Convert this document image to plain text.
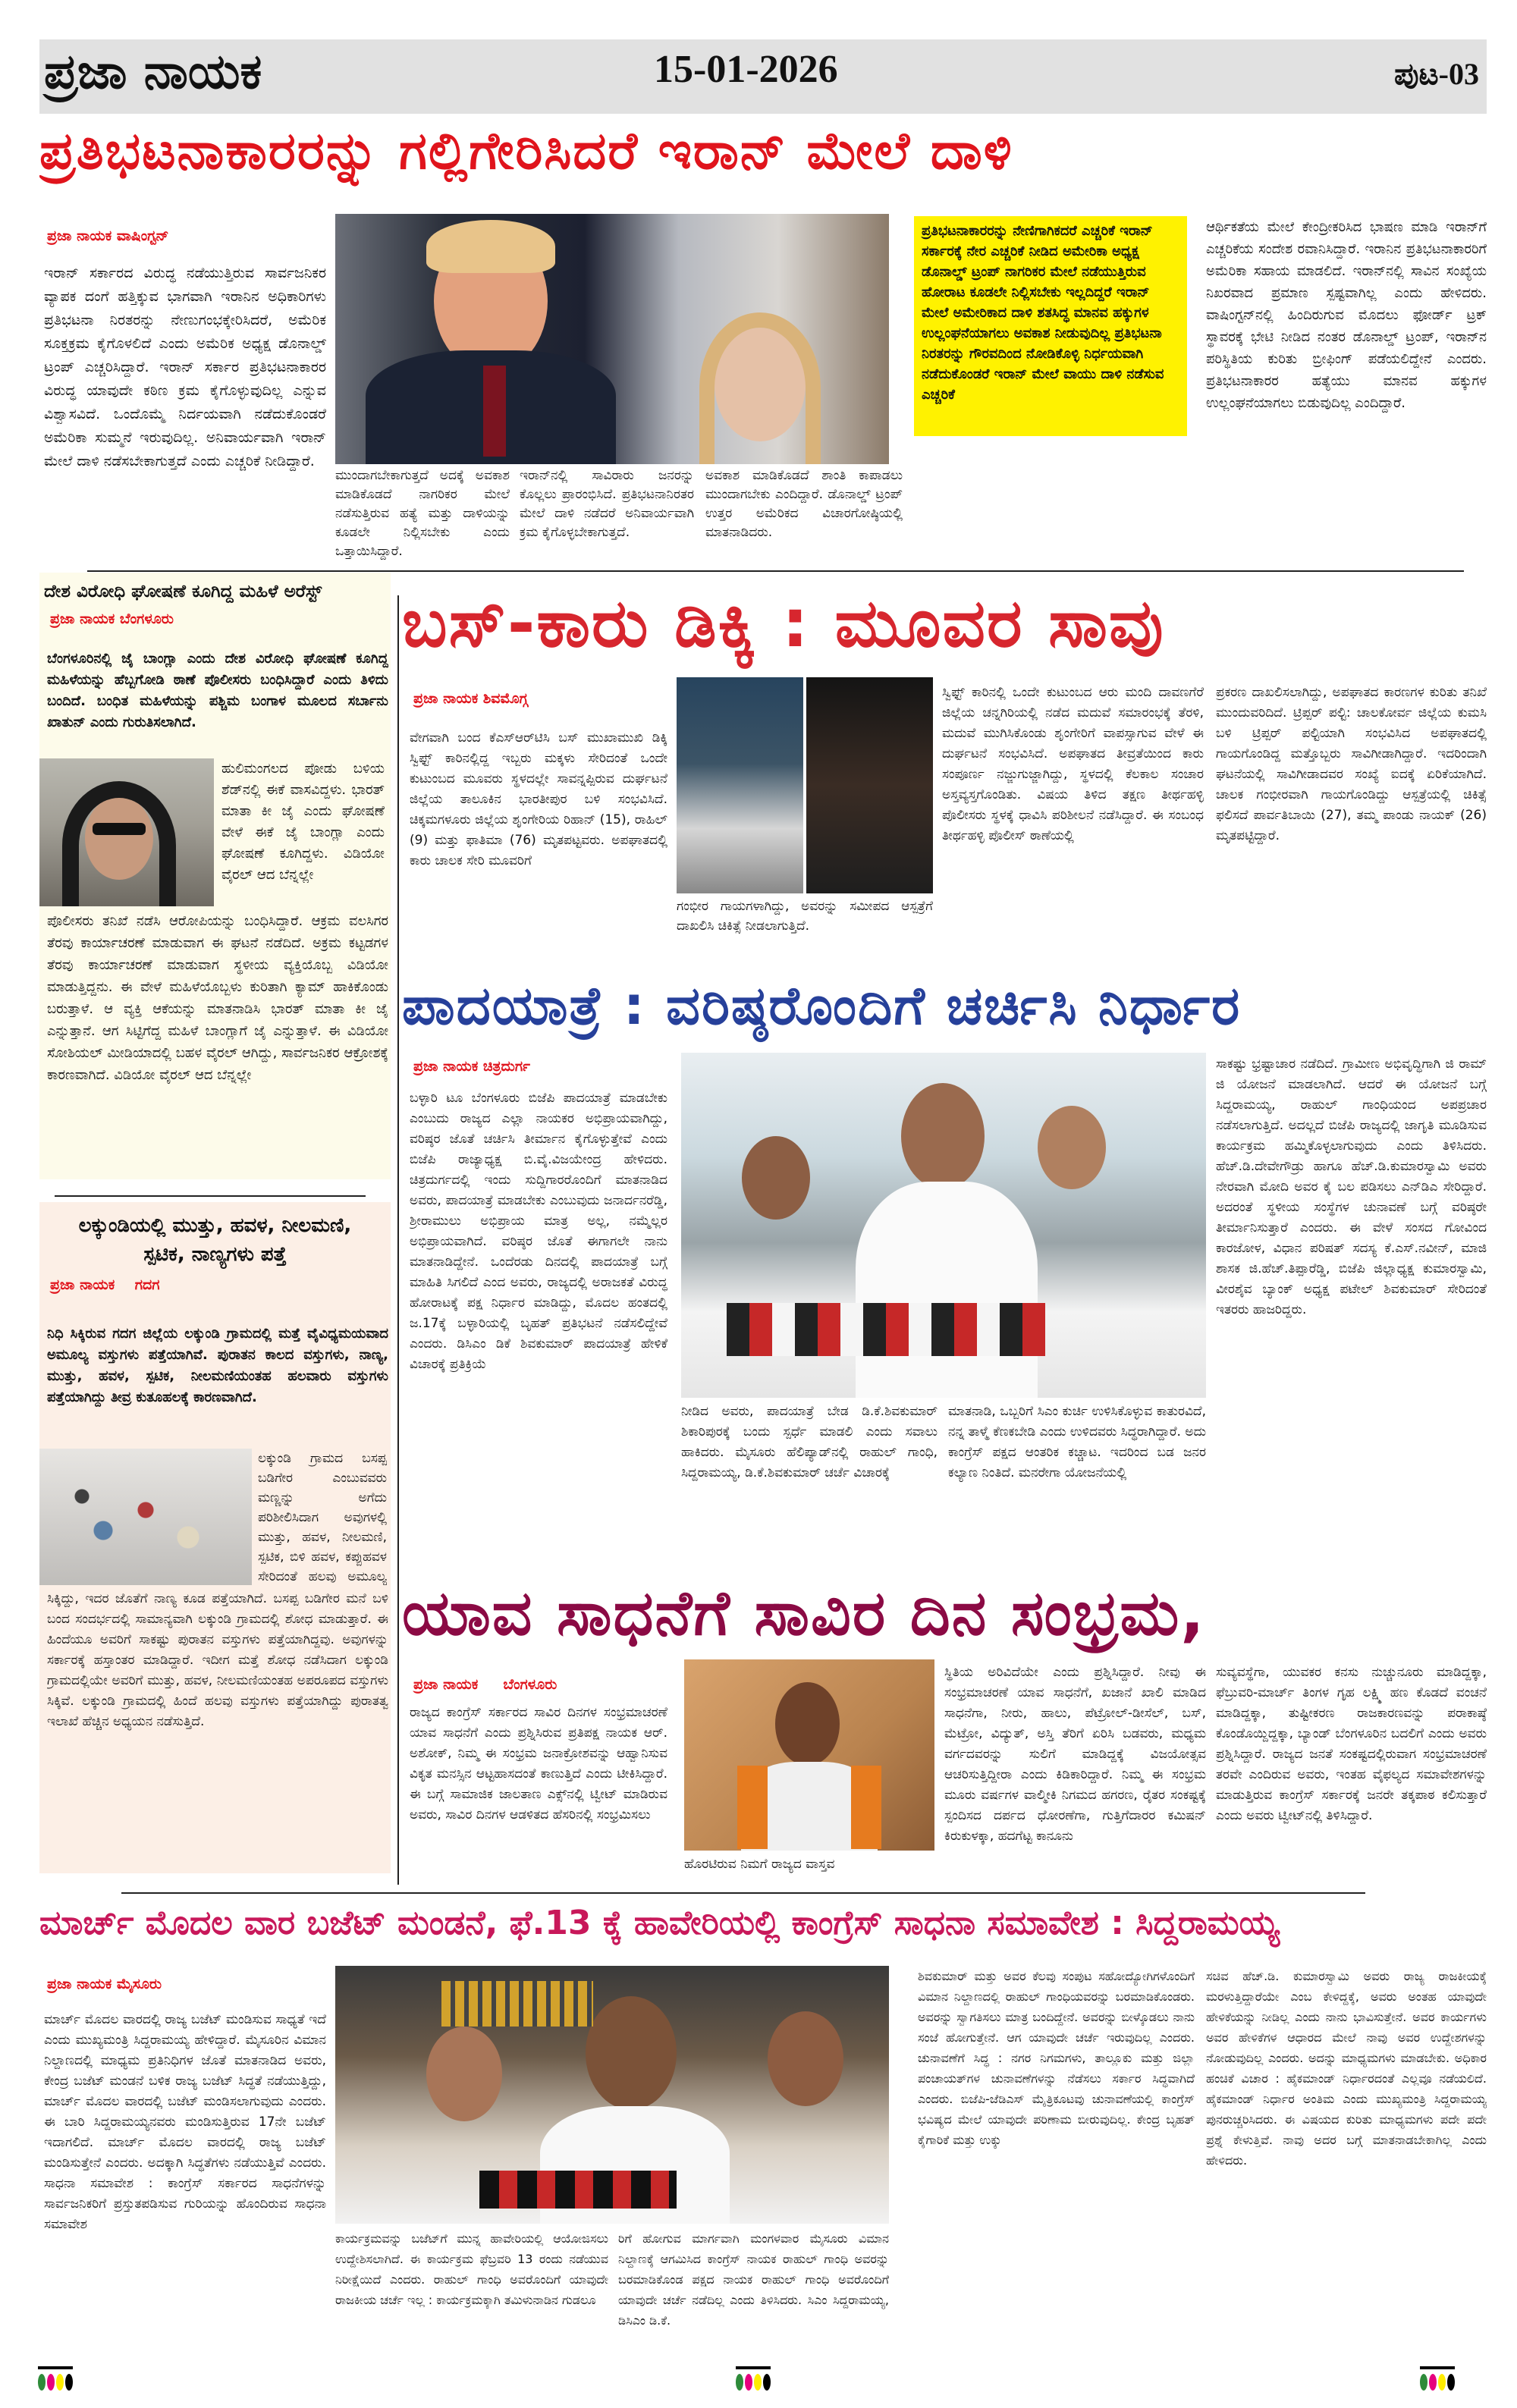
ಪ್ರಜಾ ನಾಯಕ	15-01-2026	ಪುಟ-03
ಪ್ರತಿಭಟನಾಕಾರರನ್ನು ಗಲ್ಲಿಗೇರಿಸಿದರೆ ಇರಾನ್ ಮೇಲೆ ದಾಳಿ
ಪ್ರಜಾ ನಾಯಕ ವಾಷಿಂಗ್ಟನ್
ಇರಾನ್ ಸರ್ಕಾರದ ವಿರುದ್ಧ ನಡೆಯುತ್ತಿರುವ ಸಾರ್ವಜನಿಕರ ವ್ಯಾಪಕ ದಂಗೆ ಹತ್ತಿಕ್ಕುವ ಭಾಗವಾಗಿ ಇರಾನಿನ ಅಧಿಕಾರಿಗಳು ಪ್ರತಿಭಟನಾ ನಿರತರನ್ನು ನೇಣುಗಂಭಕ್ಕೇರಿಸಿದರೆ, ಅಮೆರಿಕ ಸೂಕ್ತಕ್ರಮ ಕೈಗೊಳಲಿದೆ ಎಂದು ಅಮೆರಿಕ ಅಧ್ಯಕ್ಷ ಡೊನಾಲ್ಡ್ ಟ್ರಂಪ್ ಎಚ್ಚರಿಸಿದ್ದಾರೆ. ಇರಾನ್ ಸರ್ಕಾರ ಪ್ರತಿಭಟನಾಕಾರರ ವಿರುದ್ಧ ಯಾವುದೇ ಕಠಿಣ ಕ್ರಮ ಕೈಗೊಳ್ಳುವುದಿಲ್ಲ ಎನ್ನುವ ವಿಶ್ವಾಸವಿದೆ. ಒಂದೊಮ್ಮೆ ನಿರ್ದಯವಾಗಿ ನಡೆದುಕೊಂಡರೆ ಅಮೆರಿಕಾ ಸುಮ್ಮನೆ ಇರುವುದಿಲ್ಲ. ಅನಿವಾರ್ಯವಾಗಿ ಇರಾನ್ ಮೇಲೆ ದಾಳಿ ನಡೆಸಬೇಕಾಗುತ್ತದೆ ಎಂದು ಎಚ್ಚರಿಕೆ ನೀಡಿದ್ದಾರೆ.
ಮುಂದಾಗಬೇಕಾಗುತ್ತದೆ ಅದಕ್ಕೆ ಅವಕಾಶ ಮಾಡಿಕೊಡದೆ ನಾಗರಿಕರ ಮೇಲೆ ನಡೆಸುತ್ತಿರುವ ಹತ್ಯೆ ಮತ್ತು ದಾಳಿಯನ್ನು ಕೂಡಲೇ ನಿಲ್ಲಿಸಬೇಕು ಎಂದು ಒತ್ತಾಯಿಸಿದ್ದಾರೆ.
ಇರಾನ್‌ನಲ್ಲಿ ಸಾವಿರಾರು ಜನರನ್ನು ಕೊಲ್ಲಲು ಪ್ರಾರಂಭಿಸಿದೆ. ಪ್ರತಿಭಟನಾನಿರತರ ಮೇಲೆ ದಾಳಿ ನಡೆದರೆ ಅನಿವಾರ್ಯವಾಗಿ ಕ್ರಮ ಕೈಗೊಳ್ಳಬೇಕಾಗುತ್ತದೆ.
ಅವಕಾಶ ಮಾಡಿಕೊಡದೆ ಶಾಂತಿ ಕಾಪಾಡಲು ಮುಂದಾಗಬೇಕು ಎಂದಿದ್ದಾರೆ. ಡೊನಾಲ್ಡ್ ಟ್ರಂಪ್ ಉತ್ತರ ಅಮೆರಿಕದ ವಿಚಾರಗೋಷ್ಠಿಯಲ್ಲಿ ಮಾತನಾಡಿದರು.
ಪ್ರತಿಭಟನಾಕಾರರನ್ನು ನೇಣಿಗಾಗಿಕದರೆ ಎಚ್ಚರಿಕೆ ಇರಾನ್ ಸರ್ಕಾರಕ್ಕೆ ನೇರ ಎಚ್ಚರಿಕೆ ನೀಡಿದ ಅಮೇರಿಕಾ ಅಧ್ಯಕ್ಷ ಡೊನಾಲ್ಡ್ ಟ್ರಂಪ್ ನಾಗರಿಕರ ಮೇಲೆ ನಡೆಯುತ್ತಿರುವ ಹೋರಾಟ ಕೂಡಲೇ ನಿಲ್ಲಿಸಬೇಕು ಇಲ್ಲದಿದ್ದರೆ ಇರಾನ್ ಮೇಲೆ ಅಮೇರಿಕಾದ ದಾಳಿ ಶತಸಿದ್ಧ ಮಾನವ ಹಕ್ಕುಗಳ ಉಲ್ಲಂಘನೆಯಾಗಲು ಅವಕಾಶ ನೀಡುವುದಿಲ್ಲ ಪ್ರತಿಭಟನಾ ನಿರತರನ್ನು ಗೌರವದಿಂದ ನೋಡಿಕೊಳ್ಳಿ ನಿರ್ಧಯವಾಗಿ ನಡೆದುಕೊಂಡರೆ ಇರಾನ್ ಮೇಲೆ ವಾಯು ದಾಳಿ ನಡೆಸುವ ಎಚ್ಚರಿಕೆ
ಆರ್ಥಿಕತೆಯ ಮೇಲೆ ಕೇಂದ್ರೀಕರಿಸಿದ ಭಾಷಣ ಮಾಡಿ ಇರಾನ್‌ಗೆ ಎಚ್ಚರಿಕೆಯ ಸಂದೇಶ ರವಾನಿಸಿದ್ದಾರೆ. ಇರಾನಿನ ಪ್ರತಿಭಟನಾಕಾರರಿಗೆ ಅಮೆರಿಕಾ ಸಹಾಯ ಮಾಡಲಿದೆ. ಇರಾನ್‌ನಲ್ಲಿ ಸಾವಿನ ಸಂಖ್ಯೆಯ ನಿಖರವಾದ ಪ್ರಮಾಣ ಸ್ಪಷ್ಟವಾಗಿಲ್ಲ ಎಂದು ಹೇಳಿದರು. ವಾಷಿಂಗ್ಟನ್‌ನಲ್ಲಿ ಹಿಂದಿರುಗುವ ಮೊದಲು ಫೋರ್ಡ್ ಟ್ರಕ್ ಸ್ಥಾವರಕ್ಕೆ ಭೇಟಿ ನೀಡಿದ ನಂತರ ಡೊನಾಲ್ಡ್ ಟ್ರಂಪ್, ಇರಾನ್‌ನ ಪರಿಸ್ಥಿತಿಯ ಕುರಿತು ಬ್ರೀಫಿಂಗ್ ಪಡೆಯಲಿದ್ದೇನೆ ಎಂದರು. ಪ್ರತಿಭಟನಾಕಾರರ ಹತ್ಯೆಯು ಮಾನವ ಹಕ್ಕುಗಳ ಉಲ್ಲಂಘನೆಯಾಗಲು ಬಿಡುವುದಿಲ್ಲ ಎಂದಿದ್ದಾರೆ.
ದೇಶ ವಿರೋಧಿ ಘೋಷಣೆ ಕೂಗಿದ್ದ ಮಹಿಳೆ ಅರೆಸ್ಟ್
ಪ್ರಜಾ ನಾಯಕ ಬೆಂಗಳೂರು
ಬೆಂಗಳೂರಿನಲ್ಲಿ ಜೈ ಬಾಂಗ್ಲಾ ಎಂದು ದೇಶ ವಿರೋಧಿ ಘೋಷಣೆ ಕೂಗಿದ್ದ ಮಹಿಳೆಯನ್ನು ಹೆಬ್ಬಗೋಡಿ ಠಾಣೆ ಪೊಲೀಸರು ಬಂಧಿಸಿದ್ದಾರೆ ಎಂದು ತಿಳಿದು ಬಂದಿದೆ. ಬಂಧಿತ ಮಹಿಳೆಯನ್ನು ಪಶ್ಚಿಮ ಬಂಗಾಳ ಮೂಲದ ಸರ್ಬಾನು ಖಾತುನ್ ಎಂದು ಗುರುತಿಸಲಾಗಿದೆ.
ಹುಲಿಮಂಗಲದ ಪೋಡು ಬಳಿಯ ಶೆಡ್‌ನಲ್ಲಿ ಈಕೆ ವಾಸವಿದ್ದಳು. ಭಾರತ್ ಮಾತಾ ಕೀ ಜೈ ಎಂದು ಘೋಷಣೆ ವೇಳೆ ಈಕೆ ಜೈ ಬಾಂಗ್ಲಾ ಎಂದು ಘೋಷಣೆ ಕೂಗಿದ್ದಳು. ವಿಡಿಯೋ ವೈರಲ್ ಆದ ಬೆನ್ನಲ್ಲೇ
ಪೊಲೀಸರು ತನಿಖೆ ನಡೆಸಿ ಆರೋಪಿಯನ್ನು ಬಂಧಿಸಿದ್ದಾರೆ. ಆಕ್ರಮ ವಲಸಿಗರ ತೆರವು ಕಾರ್ಯಾಚರಣೆ ಮಾಡುವಾಗ ಈ ಘಟನೆ ನಡೆದಿದೆ. ಅಕ್ರಮ ಕಟ್ಟಡಗಳ ತೆರವು ಕಾರ್ಯಾಚರಣೆ ಮಾಡುವಾಗ ಸ್ಥಳೀಯ ವ್ಯಕ್ತಿಯೊಬ್ಬ ವಿಡಿಯೋ ಮಾಡುತ್ತಿದ್ದನು. ಈ ವೇಳೆ ಮಹಿಳೆಯೊಬ್ಬಳು ಕುರಿತಾಗಿ ಕ್ಯಾಮ್ ಹಾಕಿಕೊಂಡು ಬರುತ್ತಾಳೆ. ಆ ವ್ಯಕ್ತಿ ಆಕೆಯನ್ನು ಮಾತನಾಡಿಸಿ ಭಾರತ್ ಮಾತಾ ಕೀ ಜೈ ಎನ್ನುತ್ತಾನೆ. ಆಗ ಸಿಟ್ಟಿಗೆದ್ದ ಮಹಿಳೆ ಬಾಂಗ್ಲಾಗೆ ಜೈ ಎನ್ನುತ್ತಾಳೆ. ಈ ವಿಡಿಯೋ ಸೋಶಿಯಲ್ ಮೀಡಿಯಾದಲ್ಲಿ ಬಹಳ ವೈರಲ್ ಆಗಿದ್ದು, ಸಾರ್ವಜನಿಕರ ಆಕ್ರೋಶಕ್ಕೆ ಕಾರಣವಾಗಿದೆ. ವಿಡಿಯೋ ವೈರಲ್ ಆದ ಬೆನ್ನಲ್ಲೇ
ಲಕ್ಕುಂಡಿಯಲ್ಲಿ ಮುತ್ತು, ಹವಳ, ನೀಲಮಣಿ, ಸ್ಪಟಿಕ, ನಾಣ್ಯಗಳು ಪತ್ತೆ
ಪ್ರಜಾ ನಾಯಕ    ಗದಗ
ನಿಧಿ ಸಿಕ್ಕಿರುವ ಗದಗ ಜಿಲ್ಲೆಯ ಲಕ್ಕುಂಡಿ ಗ್ರಾಮದಲ್ಲಿ ಮತ್ತೆ ವೈವಿಧ್ಯಮಯವಾದ ಅಮೂಲ್ಯ ವಸ್ತುಗಳು ಪತ್ತೆಯಾಗಿವೆ. ಪುರಾತನ ಕಾಲದ ವಸ್ತುಗಳು, ನಾಣ್ಯ, ಮುತ್ತು, ಹವಳ, ಸ್ಪಟಿಕ, ನೀಲಮಣಿಯಂತಹ ಹಲವಾರು ವಸ್ತುಗಳು ಪತ್ತೆಯಾಗಿದ್ದು ತೀವ್ರ ಕುತೂಹಲಕ್ಕೆ ಕಾರಣವಾಗಿದೆ.
ಲಕ್ಕುಂಡಿ ಗ್ರಾಮದ ಬಸಪ್ಪ ಬಡಿಗೇರ ಎಂಬುವವರು ಮಣ್ಣನ್ನು ಅಗೆದು ಪರಿಶೀಲಿಸಿದಾಗ ಅವುಗಳಲ್ಲಿ ಮುತ್ತು, ಹವಳ, ನೀಲಮಣಿ, ಸ್ಪಟಿಕ, ಬಿಳಿ ಹವಳ, ಕಪ್ಪುಹವಳ ಸೇರಿದಂತೆ ಹಲವು ಅಮೂಲ್ಯ
ಸಿಕ್ಕಿದ್ದು, ಇದರ ಜೊತೆಗೆ ನಾಣ್ಯ ಕೂಡ ಪತ್ತೆಯಾಗಿದೆ. ಬಸಪ್ಪ ಬಡಿಗೇರ ಮನೆ ಬಳಿ ಬಂದ ಸಂದರ್ಭದಲ್ಲಿ ಸಾಮಾನ್ಯವಾಗಿ ಲಕ್ಕುಂಡಿ ಗ್ರಾಮದಲ್ಲಿ ಶೋಧ ಮಾಡುತ್ತಾರೆ. ಈ ಹಿಂದೆಯೂ ಅವರಿಗೆ ಸಾಕಷ್ಟು ಪುರಾತನ ವಸ್ತುಗಳು ಪತ್ತೆಯಾಗಿದ್ದವು. ಅವುಗಳನ್ನು ಸರ್ಕಾರಕ್ಕೆ ಹಸ್ತಾಂತರ ಮಾಡಿದ್ದಾರೆ. ಇದೀಗ ಮತ್ತೆ ಶೋಧ ನಡೆಸಿದಾಗ ಲಕ್ಕುಂಡಿ ಗ್ರಾಮದಲ್ಲಿಯೇ ಅವರಿಗೆ ಮುತ್ತು, ಹವಳ, ನೀಲಮಣಿಯಂತಹ ಅಪರೂಪದ ವಸ್ತುಗಳು ಸಿಕ್ಕಿವೆ. ಲಕ್ಕುಂಡಿ ಗ್ರಾಮದಲ್ಲಿ ಹಿಂದೆ ಹಲವು ವಸ್ತುಗಳು ಪತ್ತೆಯಾಗಿದ್ದು ಪುರಾತತ್ವ ಇಲಾಖೆ ಹೆಚ್ಚಿನ ಅಧ್ಯಯನ ನಡೆಸುತ್ತಿದೆ.
ಬಸ್-ಕಾರು ಡಿಕ್ಕಿ : ಮೂವರ ಸಾವು
ಪ್ರಜಾ ನಾಯಕ ಶಿವಮೊಗ್ಗ
ವೇಗವಾಗಿ ಬಂದ ಕೆಎಸ್ಆರ್‌ಟಿಸಿ ಬಸ್ ಮುಖಾಮುಖಿ ಡಿಕ್ಕಿ ಸ್ವಿಫ್ಟ್ ಕಾರಿನಲ್ಲಿದ್ದ ಇಬ್ಬರು ಮಕ್ಕಳು ಸೇರಿದಂತೆ ಒಂದೇ ಕುಟುಂಬದ ಮೂವರು ಸ್ಥಳದಲ್ಲೇ ಸಾವನ್ನಪ್ಪಿರುವ ದುರ್ಘಟನೆ ಜಿಲ್ಲೆಯ ತಾಲೂಕಿನ ಭಾರತೀಪುರ ಬಳಿ ಸಂಭವಿಸಿದೆ. ಚಿಕ್ಕಮಗಳೂರು ಜಿಲ್ಲೆಯ ಶೃಂಗೇರಿಯ ರಿಹಾನ್ (15), ರಾಹಿಲ್ (9) ಮತ್ತು ಫಾತಿಮಾ (76) ಮೃತಪಟ್ಟವರು. ಅಪಘಾತದಲ್ಲಿ ಕಾರು ಚಾಲಕ ಸೇರಿ ಮೂವರಿಗೆ
ಗಂಭೀರ ಗಾಯಗಳಾಗಿದ್ದು, ಅವರನ್ನು ಸಮೀಪದ ಆಸ್ಪತ್ರೆಗೆ ದಾಖಲಿಸಿ ಚಿಕಿತ್ಸೆ ನೀಡಲಾಗುತ್ತಿದೆ.
ಸ್ವಿಫ್ಟ್ ಕಾರಿನಲ್ಲಿ ಒಂದೇ ಕುಟುಂಬದ ಆರು ಮಂದಿ ದಾವಣಗೆರೆ ಜಿಲ್ಲೆಯ ಚನ್ನಗಿರಿಯಲ್ಲಿ ನಡೆದ ಮದುವೆ ಸಮಾರಂಭಕ್ಕೆ ತೆರಳಿ, ಮದುವೆ ಮುಗಿಸಿಕೊಂಡು ಶೃಂಗೇರಿಗೆ ವಾಪಸ್ಸಾಗುವ ವೇಳೆ ಈ ದುರ್ಘಟನೆ ಸಂಭವಿಸಿದೆ. ಅಪಘಾತದ ತೀವ್ರತೆಯಿಂದ ಕಾರು ಸಂಪೂರ್ಣ ನಜ್ಜುಗುಜ್ಜಾಗಿದ್ದು, ಸ್ಥಳದಲ್ಲಿ ಕೆಲಕಾಲ ಸಂಚಾರ ಅಸ್ತವ್ಯಸ್ತಗೊಂಡಿತು. ವಿಷಯ ತಿಳಿದ ತಕ್ಷಣ ತೀರ್ಥಹಳ್ಳಿ ಪೊಲೀಸರು ಸ್ಥಳಕ್ಕೆ ಧಾವಿಸಿ ಪರಿಶೀಲನೆ ನಡೆಸಿದ್ದಾರೆ. ಈ ಸಂಬಂಧ ತೀರ್ಥಹಳ್ಳಿ ಪೊಲೀಸ್ ಠಾಣೆಯಲ್ಲಿ
ಪ್ರಕರಣ ದಾಖಲಿಸಲಾಗಿದ್ದು, ಅಪಘಾತದ ಕಾರಣಗಳ ಕುರಿತು ತನಿಖೆ ಮುಂದುವರಿದಿದೆ. ಟ್ರಿಪ್ಪರ್ ಪಲ್ಟಿ: ಚಾಲಕೋರ್ವ ಜಿಲ್ಲೆಯ ಕುಮಸಿ ಬಳಿ ಟ್ರಿಪ್ಪರ್ ಪಲ್ಟಿಯಾಗಿ ಸಂಭವಿಸಿದ ಅಪಘಾತದಲ್ಲಿ ಗಾಯಗೊಂಡಿದ್ದ ಮತ್ತೊಬ್ಬರು ಸಾವಿಗೀಡಾಗಿದ್ದಾರೆ. ಇದರಿಂದಾಗಿ ಘಟನೆಯಲ್ಲಿ ಸಾವಿಗೀಡಾದವರ ಸಂಖ್ಯೆ ಐದಕ್ಕೆ ಏರಿಕೆಯಾಗಿದೆ. ಚಾಲಕ ಗಂಭೀರವಾಗಿ ಗಾಯಗೊಂಡಿದ್ದು ಆಸ್ಪತ್ರೆಯಲ್ಲಿ ಚಿಕಿತ್ಸೆ ಫಲಿಸದೆ ಪಾರ್ವತಿಬಾಯಿ (27), ತಮ್ಮ ಪಾಂಡು ನಾಯಕ್ (26) ಮೃತಪಟ್ಟಿದ್ದಾರೆ.
ಪಾದಯಾತ್ರೆ : ವರಿಷ್ಠರೊಂದಿಗೆ ಚರ್ಚಿಸಿ ನಿರ್ಧಾರ
ಪ್ರಜಾ ನಾಯಕ ಚಿತ್ರದುರ್ಗ
ಬಳ್ಳಾರಿ ಟೂ ಬೆಂಗಳೂರು ಬಿಜೆಪಿ ಪಾದಯಾತ್ರೆ ಮಾಡಬೇಕು ಎಂಬುದು ರಾಜ್ಯದ ಎಲ್ಲಾ ನಾಯಕರ ಅಭಿಪ್ರಾಯವಾಗಿದ್ದು, ವರಿಷ್ಠರ ಜೊತೆ ಚರ್ಚಿಸಿ ತೀರ್ಮಾನ ಕೈಗೊಳ್ಳುತ್ತೇವೆ ಎಂದು ಬಿಜೆಪಿ ರಾಜ್ಯಾಧ್ಯಕ್ಷ ಬಿ.ವೈ.ವಿಜಯೇಂದ್ರ ಹೇಳಿದರು. ಚಿತ್ರದುರ್ಗದಲ್ಲಿ ಇಂದು ಸುದ್ದಿಗಾರರೊಂದಿಗೆ ಮಾತನಾಡಿದ ಅವರು, ಪಾದಯಾತ್ರೆ ಮಾಡಬೇಕು ಎಂಬುವುದು ಜನಾರ್ದನರೆಡ್ಡಿ, ಶ್ರೀರಾಮುಲು ಅಭಿಪ್ರಾಯ ಮಾತ್ರ ಅಲ್ಲ, ನಮ್ಮೆಲ್ಲರ ಅಭಿಪ್ರಾಯವಾಗಿದೆ. ವರಿಷ್ಠರ ಜೊತೆ ಈಗಾಗಲೇ ನಾನು ಮಾತನಾಡಿದ್ದೇನೆ. ಒಂದೆರಡು ದಿನದಲ್ಲಿ ಪಾದಯಾತ್ರೆ ಬಗ್ಗೆ ಮಾಹಿತಿ ಸಿಗಲಿದೆ ಎಂದ ಅವರು, ರಾಜ್ಯದಲ್ಲಿ ಅರಾಜಕತೆ ವಿರುದ್ಧ ಹೋರಾಟಕ್ಕೆ ಪಕ್ಷ ನಿರ್ಧಾರ ಮಾಡಿದ್ದು, ಮೊದಲ ಹಂತದಲ್ಲಿ ಜ.17ಕ್ಕೆ ಬಳ್ಳಾರಿಯಲ್ಲಿ ಬೃಹತ್ ಪ್ರತಿಭಟನೆ ನಡೆಸಲಿದ್ದೇವೆ ಎಂದರು. ಡಿಸಿಎಂ ಡಿಕೆ ಶಿವಕುಮಾರ್ ಪಾದಯಾತ್ರೆ ಹೇಳಿಕೆ ವಿಚಾರಕ್ಕೆ ಪ್ರತಿಕ್ರಿಯೆ
ನೀಡಿದ ಅವರು, ಪಾದಯಾತ್ರೆ ಬೇಡ ಡಿ.ಕೆ.ಶಿವಕುಮಾರ್ ಶಿಕಾರಿಪುರಕ್ಕೆ ಬಂದು ಸ್ಪರ್ಧೆ ಮಾಡಲಿ ಎಂದು ಸವಾಲು ಹಾಕಿದರು. ಮೈಸೂರು ಹೆಲಿಪ್ಯಾಡ್‌ನಲ್ಲಿ ರಾಹುಲ್ ಗಾಂಧಿ, ಸಿದ್ದರಾಮಯ್ಯ, ಡಿ.ಕೆ.ಶಿವಕುಮಾರ್ ಚರ್ಚೆ ವಿಚಾರಕ್ಕೆ
ಮಾತನಾಡಿ, ಒಬ್ಬರಿಗೆ ಸಿಎಂ ಕುರ್ಚಿ ಉಳಿಸಿಕೊಳ್ಳುವ ಕಾತುರವಿದೆ, ನನ್ನ ತಾಳ್ಮೆ ಕೆಣಕಬೇಡಿ ಎಂದು ಉಳಿದವರು ಸಿದ್ಧರಾಗಿದ್ದಾರೆ. ಅದು ಕಾಂಗ್ರೆಸ್ ಪಕ್ಷದ ಆಂತರಿಕ ಕಚ್ಚಾಟ. ಇದರಿಂದ ಬಡ ಜನರ ಕಲ್ಯಾಣ ನಿಂತಿದೆ. ಮನರೇಗಾ ಯೋಜನೆಯಲ್ಲಿ
ಸಾಕಷ್ಟು ಭ್ರಷ್ಟಾಚಾರ ನಡೆದಿದೆ. ಗ್ರಾಮೀಣ ಅಭಿವೃದ್ಧಿಗಾಗಿ ಜಿ ರಾಮ್ ಜಿ ಯೋಜನೆ ಮಾಡಲಾಗಿದೆ. ಆದರೆ ಈ ಯೋಜನೆ ಬಗ್ಗೆ ಸಿದ್ದರಾಮಯ್ಯ, ರಾಹುಲ್ ಗಾಂಧಿಯಂದ ಅಪಪ್ರಚಾರ ನಡೆಸಲಾಗುತ್ತಿದೆ. ಅದಲ್ಲದೆ ಬಿಜೆಪಿ ರಾಜ್ಯದಲ್ಲಿ ಜಾಗೃತಿ ಮೂಡಿಸುವ ಕಾರ್ಯಕ್ರಮ ಹಮ್ಮಿಕೊಳ್ಳಲಾಗುವುದು ಎಂದು ತಿಳಿಸಿದರು. ಹೆಚ್.ಡಿ.ದೇವೇಗೌಡ್ರು ಹಾಗೂ ಹೆಚ್.ಡಿ.ಕುಮಾರಸ್ವಾಮಿ ಅವರು ನೇರವಾಗಿ ಮೋದಿ ಅವರ ಕೈ ಬಲ ಪಡಿಸಲು ಎನ್‌ಡಿಎ ಸೇರಿದ್ದಾರೆ. ಅದರಂತೆ ಸ್ಥಳೀಯ ಸಂಸ್ಥೆಗಳ ಚುನಾವಣೆ ಬಗ್ಗೆ ವರಿಷ್ಠರೇ ತೀರ್ಮಾನಿಸುತ್ತಾರೆ ಎಂದರು. ಈ ವೇಳೆ ಸಂಸದ ಗೋವಿಂದ ಕಾರಜೋಳ, ವಿಧಾನ ಪರಿಷತ್ ಸದಸ್ಯ ಕೆ.ಎಸ್.ನವೀನ್, ಮಾಜಿ ಶಾಸಕ ಜಿ.ಹೆಚ್.ತಿಪ್ಪಾರೆಡ್ಡಿ, ಬಿಜೆಪಿ ಜಿಲ್ಲಾಧ್ಯಕ್ಷ ಕುಮಾರಸ್ವಾಮಿ, ವೀರಶೈವ ಬ್ಯಾಂಕ್ ಅಧ್ಯಕ್ಷ ಪಟೇಲ್ ಶಿವಕುಮಾರ್ ಸೇರಿದಂತೆ ಇತರರು ಹಾಜರಿದ್ದರು.
ಯಾವ ಸಾಧನೆಗೆ ಸಾವಿರ ದಿನ ಸಂಭ್ರಮ,
ಪ್ರಜಾ ನಾಯಕ     ಬೆಂಗಳೂರು
ರಾಜ್ಯದ ಕಾಂಗ್ರೆಸ್ ಸರ್ಕಾರದ ಸಾವಿರ ದಿನಗಳ ಸಂಭ್ರಮಾಚರಣೆ ಯಾವ ಸಾಧನೆಗೆ ಎಂದು ಪ್ರಶ್ನಿಸಿರುವ ಪ್ರತಿಪಕ್ಷ ನಾಯಕ ಆರ್. ಅಶೋಕ್, ನಿಮ್ಮ ಈ ಸಂಭ್ರಮ ಜನಾಕ್ರೋಶವನ್ನು ಆಹ್ವಾನಿಸುವ ವಿಕೃತ ಮನಸ್ಸಿನ ಆಟ್ಟಹಾಸದಂತೆ ಕಾಣುತ್ತಿದೆ ಎಂದು ಟೀಕಿಸಿದ್ದಾರೆ. ಈ ಬಗ್ಗೆ ಸಾಮಾಜಿಕ ಜಾಲತಾಣ ಎಕ್ಸ್‌ನಲ್ಲಿ ಟ್ವೀಟ್ ಮಾಡಿರುವ ಅವರು, ಸಾವಿರ ದಿನಗಳ ಆಡಳಿತದ ಹೆಸರಿನಲ್ಲಿ ಸಂಭ್ರಮಿಸಲು
ಹೊರಟಿರುವ ನಿಮಗೆ ರಾಜ್ಯದ ವಾಸ್ತವ
ಸ್ಥಿತಿಯ ಅರಿವಿದೆಯೇ ಎಂದು ಪ್ರಶ್ನಿಸಿದ್ದಾರೆ. ನೀವು ಈ ಸಂಭ್ರಮಾಚರಣೆ ಯಾವ ಸಾಧನೆಗೆ, ಖಜಾನೆ ಖಾಲಿ ಮಾಡಿದ ಸಾಧನೆಗಾ, ನೀರು, ಹಾಲು, ಪೆಟ್ರೋಲ್-ಡೀಸೆಲ್, ಬಸ್, ಮೆಟ್ರೋ, ವಿದ್ಯುತ್, ಅಸ್ತಿ ತೆರಿಗೆ ಏರಿಸಿ ಬಡವರು, ಮಧ್ಯಮ ವರ್ಗದವರನ್ನು ಸುಲಿಗೆ ಮಾಡಿದ್ದಕ್ಕೆ ವಿಜಯೋತ್ಸವ ಆಚರಿಸುತ್ತಿದ್ದೀರಾ ಎಂದು ಕಿಡಿಕಾರಿದ್ದಾರೆ. ನಿಮ್ಮ ಈ ಸಂಭ್ರಮ ಮೂರು ವರ್ಷಗಳ ವಾಲ್ಮೀಕಿ ನಿಗಮದ ಹಗರಣ, ರೈತರ ಸಂಕಷ್ಟಕ್ಕೆ ಸ್ಪಂದಿಸದ ದರ್ಪದ ಧೋರಣೆಗಾ, ಗುತ್ತಿಗೆದಾರರ ಕಮಿಷನ್ ಕಿರುಕುಳಕ್ಕಾ, ಹದಗೆಟ್ಟ ಕಾನೂನು
ಸುವ್ಯವಸ್ಥೆಗಾ, ಯುವಕರ ಕನಸು ನುಚ್ಚುನೂರು ಮಾಡಿದ್ದಕ್ಕಾ, ಫೆಬ್ರುವರಿ-ಮಾರ್ಚ್ ತಿಂಗಳ ಗೃಹ ಲಕ್ಷ್ಮಿ ಹಣ ಕೊಡದೆ ವಂಚನೆ ಮಾಡಿದ್ದಕ್ಕಾ, ತುಷ್ಟೀಕರಣ ರಾಜಕಾರಣವನ್ನು ಪರಾಕಾಷ್ಠೆ ಕೊಂಡೊಯ್ದಿದ್ದಕ್ಕಾ, ಬ್ಯಾಂಡ್ ಬೆಂಗಳೂರಿನ ಬದಲಿಗೆ ಎಂದು ಅವರು ಪ್ರಶ್ನಿಸಿದ್ದಾರೆ. ರಾಜ್ಯದ ಜನತೆ ಸಂಕಷ್ಟದಲ್ಲಿರುವಾಗ ಸಂಭ್ರಮಾಚರಣೆ ತರವೇ ಎಂದಿರುವ ಅವರು, ಇಂತಹ ವೈಫಲ್ಯದ ಸಮಾವೇಶಗಳನ್ನು ಮಾಡುತ್ತಿರುವ ಕಾಂಗ್ರೆಸ್ ಸರ್ಕಾರಕ್ಕೆ ಜನರೇ ತಕ್ಕಪಾಠ ಕಲಿಸುತ್ತಾರೆ ಎಂದು ಅವರು ಟ್ವೀಟ್‌ನಲ್ಲಿ ತಿಳಿಸಿದ್ದಾರೆ.
ಮಾರ್ಚ್ ಮೊದಲ ವಾರ ಬಜೆಟ್ ಮಂಡನೆ, ಫೆ.13 ಕ್ಕೆ ಹಾವೇರಿಯಲ್ಲಿ ಕಾಂಗ್ರೆಸ್ ಸಾಧನಾ ಸಮಾವೇಶ : ಸಿದ್ದರಾಮಯ್ಯ
ಪ್ರಜಾ ನಾಯಕ ಮೈಸೂರು
ಮಾರ್ಚ್ ಮೊದಲ ವಾರದಲ್ಲಿ ರಾಜ್ಯ ಬಜೆಟ್ ಮಂಡಿಸುವ ಸಾಧ್ಯತೆ ಇದೆ ಎಂದು ಮುಖ್ಯಮಂತ್ರಿ ಸಿದ್ದರಾಮಯ್ಯ ಹೇಳಿದ್ದಾರೆ. ಮೈಸೂರಿನ ವಿಮಾನ ನಿಲ್ದಾಣದಲ್ಲಿ ಮಾಧ್ಯಮ ಪ್ರತಿನಿಧಿಗಳ ಜೊತೆ ಮಾತನಾಡಿದ ಅವರು, ಕೇಂದ್ರ ಬಜೆಟ್ ಮಂಡನೆ ಬಳಿಕ ರಾಜ್ಯ ಬಜೆಟ್ ಸಿದ್ಧತೆ ನಡೆಯುತ್ತಿದ್ದು, ಮಾರ್ಚ್ ಮೊದಲ ವಾರದಲ್ಲಿ ಬಜೆಟ್ ಮಂಡಿಸಲಾಗುವುದು ಎಂದರು. ಈ ಬಾರಿ ಸಿದ್ದರಾಮಯ್ಯನವರು ಮಂಡಿಸುತ್ತಿರುವ 17ನೇ ಬಜೆಟ್ ಇದಾಗಲಿದೆ. ಮಾರ್ಚ್ ಮೊದಲ ವಾರದಲ್ಲಿ ರಾಜ್ಯ ಬಜೆಟ್ ಮಂಡಿಸುತ್ತೇನೆ ಎಂದರು. ಅದಕ್ಕಾಗಿ ಸಿದ್ಧತೆಗಳು ನಡೆಯುತ್ತಿವೆ ಎಂದರು. ಸಾಧನಾ ಸಮಾವೇಶ : ಕಾಂಗ್ರೆಸ್ ಸರ್ಕಾರದ ಸಾಧನೆಗಳನ್ನು ಸಾರ್ವಜನಿಕರಿಗೆ ಪ್ರಸ್ತುತಪಡಿಸುವ ಗುರಿಯನ್ನು ಹೊಂದಿರುವ ಸಾಧನಾ ಸಮಾವೇಶ
ಕಾರ್ಯಕ್ರಮವನ್ನು ಬಜೆಟ್‌ಗೆ ಮುನ್ನ ಹಾವೇರಿಯಲ್ಲಿ ಆಯೋಜಿಸಲು ಉದ್ದೇಶಿಸಲಾಗಿದೆ. ಈ ಕಾರ್ಯಕ್ರಮ ಫೆಬ್ರವರಿ 13 ರಂದು ನಡೆಯುವ ನಿರೀಕ್ಷೆಯಿದೆ ಎಂದರು. ರಾಹುಲ್ ಗಾಂಧಿ ಅವರೊಂದಿಗೆ ಯಾವುದೇ ರಾಜಕೀಯ ಚರ್ಚೆ ಇಲ್ಲ : ಕಾರ್ಯಕ್ರಮಕ್ಕಾಗಿ ತಮಿಳುನಾಡಿನ ಗುಡಲೂ
ರಿಗೆ ಹೋಗುವ ಮಾರ್ಗವಾಗಿ ಮಂಗಳವಾರ ಮೈಸೂರು ವಿಮಾನ ನಿಲ್ದಾಣಕ್ಕೆ ಆಗಮಿಸಿದ ಕಾಂಗ್ರೆಸ್ ನಾಯಕ ರಾಹುಲ್ ಗಾಂಧಿ ಅವರನ್ನು ಬರಮಾಡಿಕೊಂಡ ಪಕ್ಷದ ನಾಯಕ ರಾಹುಲ್ ಗಾಂಧಿ ಅವರೊಂದಿಗೆ ಯಾವುದೇ ಚರ್ಚೆ ನಡೆದಿಲ್ಲ ಎಂದು ತಿಳಿಸಿದರು. ಸಿಎಂ ಸಿದ್ದರಾಮಯ್ಯ, ಡಿಸಿಎಂ ಡಿ.ಕೆ.
ಶಿವಕುಮಾರ್ ಮತ್ತು ಅವರ ಕೆಲವು ಸಂಪುಟ ಸಹೋದ್ಯೋಗಿಗಳೊಂದಿಗೆ ವಿಮಾನ ನಿಲ್ದಾಣದಲ್ಲಿ ರಾಹುಲ್ ಗಾಂಧಿಯವರನ್ನು ಬರಮಾಡಿಕೊಂಡರು. ಅವರನ್ನು ಸ್ವಾಗತಿಸಲು ಮಾತ್ರ ಬಂದಿದ್ದೇನೆ. ಅವರನ್ನು ಬೀಳ್ಕೊಡಲು ನಾನು ಸಂಜೆ ಹೋಗುತ್ತೇನೆ. ಆಗ ಯಾವುದೇ ಚರ್ಚೆ ಇರುವುದಿಲ್ಲ ಎಂದರು. ಚುನಾವಣೆಗೆ ಸಿದ್ಧ : ನಗರ ನಿಗಮಗಳು, ತಾಲ್ಲೂಕು ಮತ್ತು ಜಿಲ್ಲಾ ಪಂಚಾಯತ್‌ಗಳ ಚುನಾವಣೆಗಳನ್ನು ನೆಡೆಸಲು ಸರ್ಕಾರ ಸಿದ್ಧವಾಗಿದೆ ಎಂದರು. ಬಿಜೆಪಿ-ಜೆಡಿಎಸ್ ಮೈತ್ರಿಕೂಟವು ಚುನಾವಣೆಯಲ್ಲಿ ಕಾಂಗ್ರೆಸ್ ಭವಿಷ್ಯದ ಮೇಲೆ ಯಾವುದೇ ಪರಿಣಾಮ ಬೀರುವುದಿಲ್ಲ. ಕೇಂದ್ರ ಬೃಹತ್ ಕೈಗಾರಿಕೆ ಮತ್ತು ಉಕ್ಕು
ಸಚಿವ ಹೆಚ್.ಡಿ. ಕುಮಾರಸ್ವಾಮಿ ಅವರು ರಾಜ್ಯ ರಾಜಕೀಯಕ್ಕೆ ಮರಳುತ್ತಿದ್ದಾರೆಯೇ ಎಂಬ ಕೇಳಿದ್ದಕ್ಕೆ, ಅವರು ಅಂತಹ ಯಾವುದೇ ಹೇಳಿಕೆಯನ್ನು ನೀಡಿಲ್ಲ ಎಂದು ನಾನು ಭಾವಿಸುತ್ತೇನೆ. ಅವರ ಕಾರ್ಯಗಳು ಅವರ ಹೇಳಿಕೆಗಳ ಆಧಾರದ ಮೇಲೆ ನಾವು ಅವರ ಉದ್ದೇಶಗಳನ್ನು ನೋಡುವುದಿಲ್ಲ ಎಂದರು. ಅದನ್ನು ಮಾಧ್ಯಮಗಳು ಮಾಡಬೇಕು. ಅಧಿಕಾರ ಹಂಚಿಕೆ ವಿಚಾರ : ಹೈಕಮಾಂಡ್ ನಿರ್ಧಾರದಂತೆ ಎಲ್ಲವೂ ನಡೆಯಲಿದೆ. ಹೈಕಮಾಂಡ್ ನಿರ್ಧಾರ ಅಂತಿಮ ಎಂದು ಮುಖ್ಯಮಂತ್ರಿ ಸಿದ್ದರಾಮಯ್ಯ ಪುನರುಚ್ಚರಿಸಿದರು. ಈ ವಿಷಯದ ಕುರಿತು ಮಾಧ್ಯಮಗಳು ಪದೇ ಪದೇ ಪ್ರಶ್ನೆ ಕೇಳುತ್ತಿವೆ. ನಾವು ಅದರ ಬಗ್ಗೆ ಮಾತನಾಡಬೇಕಾಗಿಲ್ಲ ಎಂದು ಹೇಳಿದರು.
